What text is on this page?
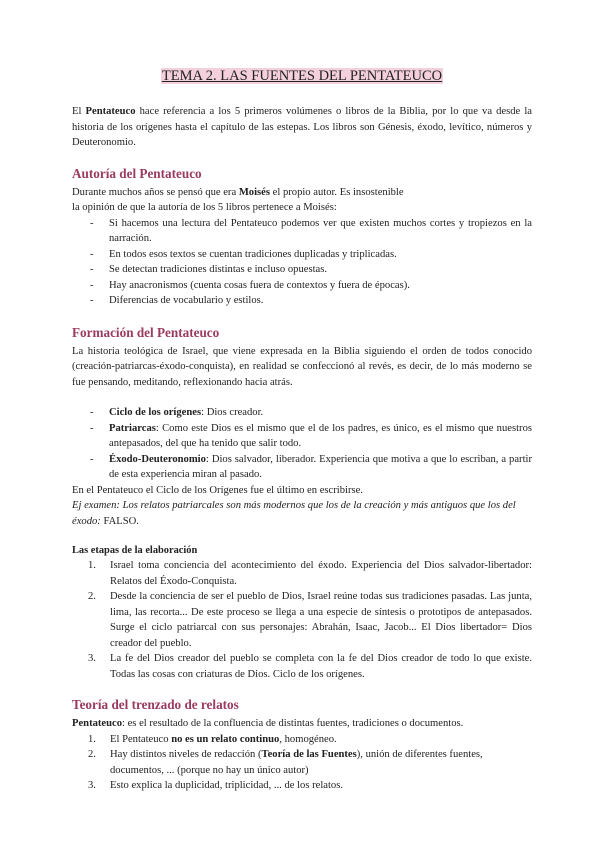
TEMA 2. LAS FUENTES DEL PENTATEUCO

El Pentateuco hace referencia a los 5 primeros volúmenes o libros de la Biblia, por lo que va desde la historia de los orígenes hasta el capítulo de las estepas. Los libros son Génesis, éxodo, levítico, números y Deuteronomio.

Autoría del Pentateuco

Durante muchos años se pensó que era Moisés el propio autor. Es insostenible la opinión de que la autoría de los 5 libros pertenece a Moisés:

- Si hacemos una lectura del Pentateuco podemos ver que existen muchos cortes y tropiezos en la narración.
- En todos esos textos se cuentan tradiciones duplicadas y triplicadas.
- Se detectan tradiciones distintas e incluso opuestas.
- Hay anacronismos (cuenta cosas fuera de contextos y fuera de épocas).
- Diferencias de vocabulario y estilos.
Formación del Pentateuco

La historia teológica de Israel, que viene expresada en la Biblia siguiendo el orden de todos conocido (creación-patriarcas-éxodo-conquista), en realidad se confeccionó al revés, es decir, de lo más moderno se fue pensando, meditando, reflexionando hacia atrás.

- Ciclo de los orígenes: Dios creador.
- Patriarcas: Como este Dios es el mismo que el de los padres, es único, es el mismo que nuestros antepasados, del que ha tenido que salir todo.
- Éxodo-Deuteronomio: Dios salvador, liberador. Experiencia que motiva a que lo escriban, a partir de esta experiencia miran al pasado.

En el Pentateuco el Ciclo de los Orígenes fue el último en escribirse.

Ej examen: Los relatos patriarcales son más modernos que los de la creación y más antiguos que los del éxodo: FALSO.

Las etapas de la elaboración
1. Israel toma conciencia del acontecimiento del éxodo. Experiencia del Dios salvador-libertador: Relatos del Éxodo-Conquista.
2. Desde la conciencia de ser el pueblo de Dios, Israel reúne todas sus tradiciones pasadas. Las junta, lima, las recorta... De este proceso se llega a una especie de síntesis o prototipos de antepasados. Surge el ciclo patriarcal con sus personajes: Abrahán, Isaac, Jacob... El Dios libertador= Dios creador del pueblo.
3. La fe del Dios creador del pueblo se completa con la fe del Dios creador de todo lo que existe. Todas las cosas con criaturas de Dios. Ciclo de los orígenes.
Teoría del trenzado de relatos

Pentateuco: es el resultado de la confluencia de distintas fuentes, tradiciones o documentos.

1. El Pentateuco no es un relato continuo, homogéneo.
2. Hay distintos niveles de redacción (Teoría de las Fuentes), unión de diferentes fuentes, documentos, ... (porque no hay un único autor)
3. Esto explica la duplicidad, triplicidad, ... de los relatos.
